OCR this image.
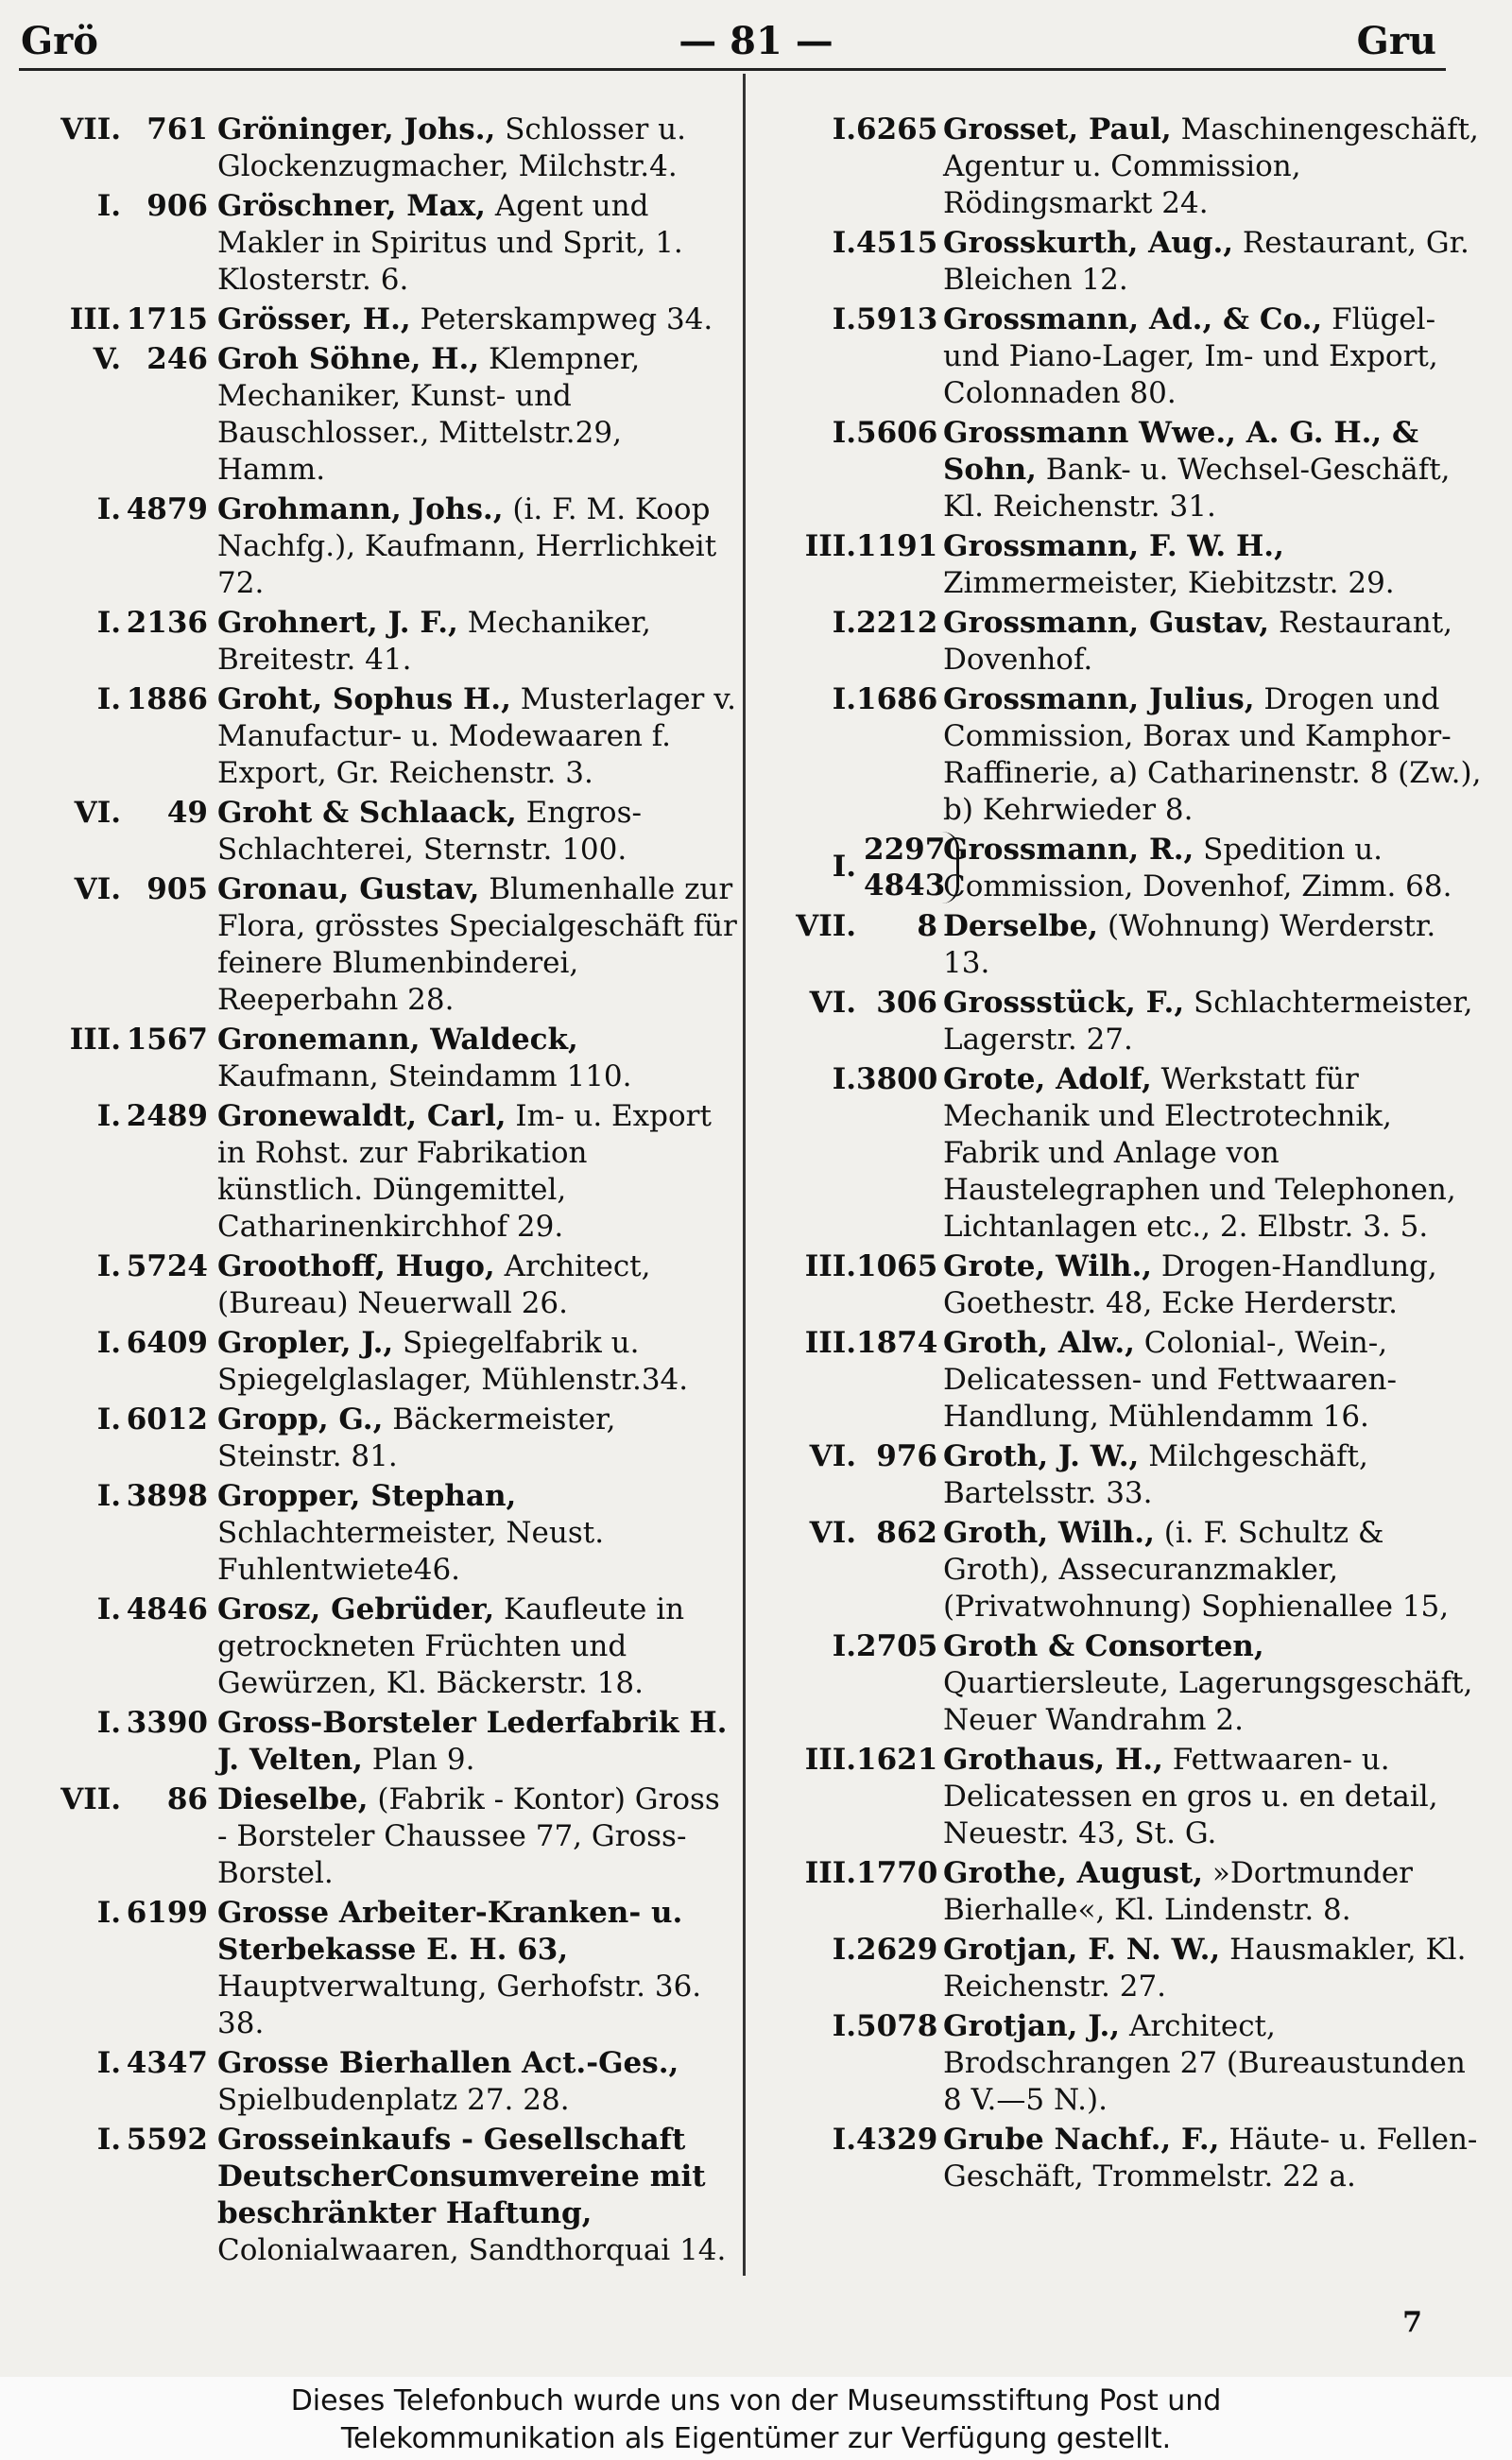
Grö	— 81 —	Gru
VII. 761 Gröninger, Johs., Schlosser u. Glockenzugmacher, Milchstr.4.
I. 906 Gröschner, Max, Agent und Makler in Spiritus und Sprit, 1. Klosterstr. 6.
III. 1715 Grösser, H., Peterskampweg 34.
V. 246 Groh Söhne, H., Klempner, Mechaniker, Kunst- und Bauschlosser., Mittelstr.29, Hamm.
I. 4879 Grohmann, Johs., (i. F. M. Koop Nachfg.), Kaufmann, Herrlichkeit 72.
I. 2136 Grohnert, J. F., Mechaniker, Breitestr. 41.
I. 1886 Groht, Sophus H., Musterlager v. Manufactur- u. Modewaaren f. Export, Gr. Reichenstr. 3.
VI. 49 Groht & Schlaack, Engros-Schlachterei, Sternstr. 100.
VI. 905 Gronau, Gustav, Blumenhalle zur Flora, grösstes Specialgeschäft für feinere Blumenbinderei, Reeperbahn 28.
III. 1567 Gronemann, Waldeck, Kaufmann, Steindamm 110.
I. 2489 Gronewaldt, Carl, Im- u. Export in Rohst. zur Fabrikation künstlich. Düngemittel, Catharinenkirchhof 29.
I. 5724 Groothoff, Hugo, Architect, (Bureau) Neuerwall 26.
I. 6409 Gropler, J., Spiegelfabrik u. Spiegelglaslager, Mühlenstr.34.
I. 6012 Gropp, G., Bäckermeister, Steinstr. 81.
I. 3898 Gropper, Stephan, Schlachtermeister, Neust. Fuhlentwiete46.
I. 4846 Grosz, Gebrüder, Kaufleute in getrockneten Früchten und Gewürzen, Kl. Bäckerstr. 18.
I. 3390 Gross-Borsteler Lederfabrik H. J. Velten, Plan 9.
VII. 86 Dieselbe, (Fabrik - Kontor) Gross - Borsteler Chaussee 77, Gross-Borstel.
I. 6199 Grosse Arbeiter-Kranken- u. Sterbekasse E. H. 63, Hauptverwaltung, Gerhofstr. 36. 38.
I. 4347 Grosse Bierhallen Act.-Ges., Spielbudenplatz 27. 28.
I. 5592 Grosseinkaufs - Gesellschaft DeutscherConsumvereine mit beschränkter Haftung, Colonialwaaren, Sandthorquai 14.
I.6265 Grosset, Paul, Maschinengeschäft, Agentur u. Commission, Rödingsmarkt 24.
I.4515 Grosskurth, Aug., Restaurant, Gr. Bleichen 12.
I.5913 Grossmann, Ad., & Co., Flügel- und Piano-Lager, Im- und Export, Colonnaden 80.
I.5606 Grossmann Wwe., A. G. H., & Sohn, Bank- u. Wechsel-Geschäft, Kl. Reichenstr. 31.
III.1191 Grossmann, F. W. H., Zimmermeister, Kiebitzstr. 29.
I.2212 Grossmann, Gustav, Restaurant, Dovenhof.
I.1686 Grossmann, Julius, Drogen und Commission, Borax und Kamphor-Raffinerie, a) Catharinenstr. 8 (Zw.), b) Kehrwieder 8.
I. 2297
4843
Grossmann, R., Spedition u. Commission, Dovenhof, Zimm. 68.
VII. 8 Derselbe, (Wohnung) Werderstr. 13.
VI. 306 Grossstück, F., Schlachtermeister, Lagerstr. 27.
I.3800 Grote, Adolf, Werkstatt für Mechanik und Electrotechnik, Fabrik und Anlage von Haustelegraphen und Telephonen, Lichtanlagen etc., 2. Elbstr. 3. 5.
III.1065 Grote, Wilh., Drogen-Handlung, Goethestr. 48, Ecke Herderstr.
III.1874 Groth, Alw., Colonial-, Wein-, Delicatessen- und Fettwaaren-Handlung, Mühlendamm 16.
VI. 976 Groth, J. W., Milchgeschäft, Bartelsstr. 33.
VI. 862 Groth, Wilh., (i. F. Schultz & Groth), Assecuranzmakler, (Privatwohnung) Sophienallee 15,
I.2705 Groth & Consorten, Quartiersleute, Lagerungsgeschäft, Neuer Wandrahm 2.
III.1621 Grothaus, H., Fettwaaren- u. Delicatessen en gros u. en detail, Neuestr. 43, St. G.
III.1770 Grothe, August, »Dortmunder Bierhalle«, Kl. Lindenstr. 8.
I.2629 Grotjan, F. N. W., Hausmakler, Kl. Reichenstr. 27.
I.5078 Grotjan, J., Architect, Brodschrangen 27 (Bureaustunden 8 V.—5 N.).
I.4329 Grube Nachf., F., Häute- u. Fellen-Geschäft, Trommelstr. 22 a.
7
Dieses Telefonbuch wurde uns von der Museumsstiftung Post und
Telekommunikation als Eigentümer zur Verfügung gestellt.
